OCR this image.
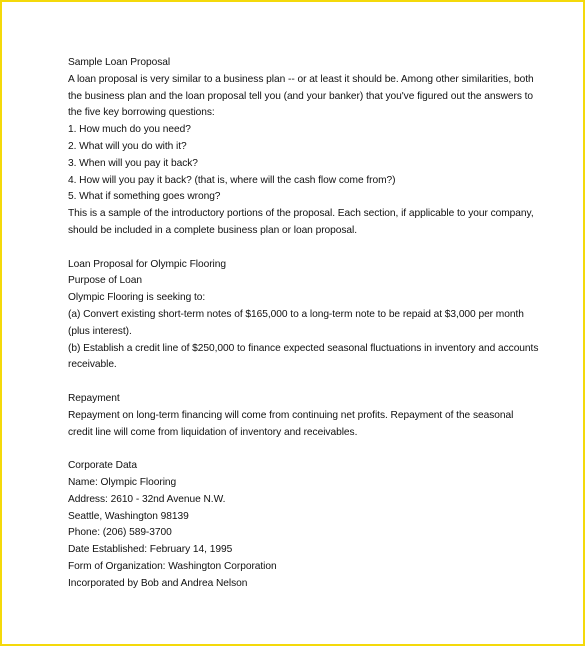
Sample Loan Proposal
A loan proposal is very similar to a business plan -- or at least it should be. Among other similarities, both
the business plan and the loan proposal tell you (and your banker) that you've figured out the answers to
the five key borrowing questions:
1. How much do you need?
2. What will you do with it?
3. When will you pay it back?
4. How will you pay it back? (that is, where will the cash flow come from?)
5. What if something goes wrong?
This is a sample of the introductory portions of the proposal. Each section, if applicable to your company,
should be included in a complete business plan or loan proposal.
Loan Proposal for Olympic Flooring
Purpose of Loan
Olympic Flooring is seeking to:
(a) Convert existing short-term notes of $165,000 to a long-term note to be repaid at $3,000 per month
(plus interest).
(b) Establish a credit line of $250,000 to finance expected seasonal fluctuations in inventory and accounts
receivable.
Repayment
Repayment on long-term financing will come from continuing net profits. Repayment of the seasonal
credit line will come from liquidation of inventory and receivables.
Corporate Data
Name: Olympic Flooring
Address: 2610 - 32nd Avenue N.W.
Seattle, Washington 98139
Phone: (206) 589-3700
Date Established: February 14, 1995
Form of Organization: Washington Corporation
Incorporated by Bob and Andrea Nelson
